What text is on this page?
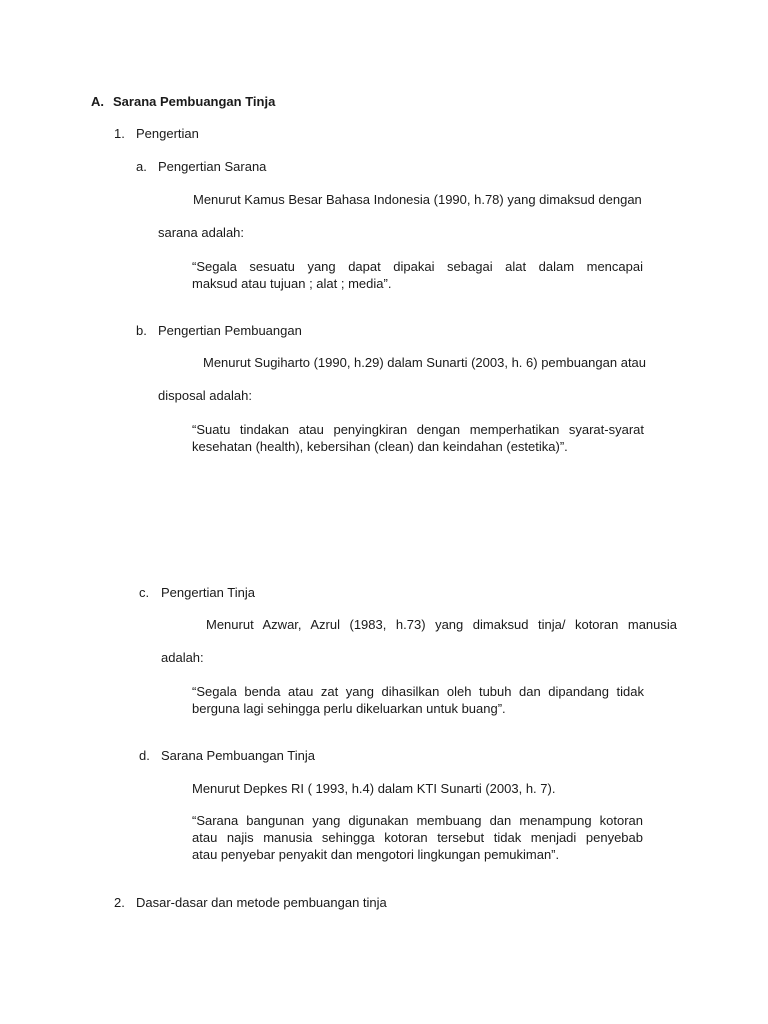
A. Sarana Pembuangan Tinja
1. Pengertian
a. Pengertian Sarana
Menurut Kamus Besar Bahasa Indonesia (1990, h.78) yang dimaksud dengan
sarana adalah:
“Segala sesuatu yang dapat dipakai sebagai alat dalam mencapai
maksud atau tujuan ; alat ; media”.
b. Pengertian Pembuangan
Menurut Sugiharto (1990, h.29) dalam Sunarti (2003, h. 6) pembuangan atau
disposal adalah:
“Suatu tindakan atau penyingkiran dengan memperhatikan syarat-syarat
kesehatan (health), kebersihan (clean) dan keindahan (estetika)”.
c. Pengertian Tinja
Menurut Azwar, Azrul (1983, h.73) yang dimaksud tinja/ kotoran manusia
adalah:
“Segala benda atau zat yang dihasilkan oleh tubuh dan dipandang tidak
berguna lagi sehingga perlu dikeluarkan untuk buang”.
d. Sarana Pembuangan Tinja
Menurut Depkes RI ( 1993, h.4) dalam KTI Sunarti (2003, h. 7).
“Sarana bangunan yang digunakan membuang dan menampung kotoran
atau najis manusia sehingga kotoran tersebut tidak menjadi penyebab
atau penyebar penyakit dan mengotori lingkungan pemukiman”.
2. Dasar-dasar dan metode pembuangan tinja
